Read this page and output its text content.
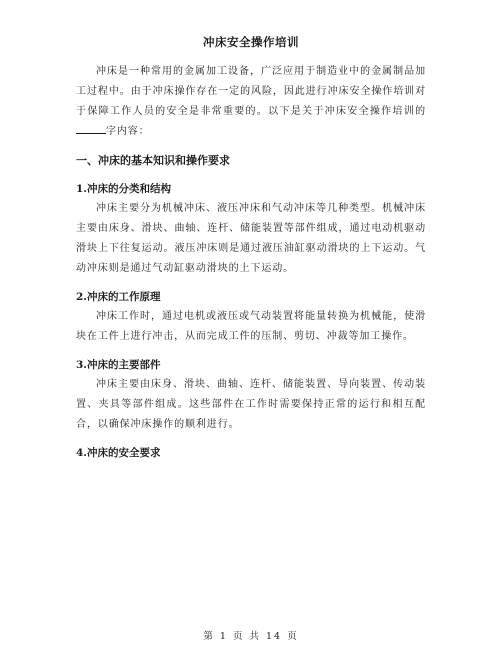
冲床安全操作培训

冲床是一种常用的金属加工设备，广泛应用于制造业中的金属制品加工过程中。由于冲床操作存在一定的风险，因此进行冲床安全操作培训对于保障工作人员的安全是非常重要的。以下是关于冲床安全操作培训的字内容：

一、冲床的基本知识和操作要求
1.冲床的分类和结构

冲床主要分为机械冲床、液压冲床和气动冲床等几种类型。机械冲床主要由床身、滑块、曲轴、连杆、储能装置等部件组成，通过电动机驱动滑块上下往复运动。液压冲床则是通过液压油缸驱动滑块的上下运动。气动冲床则是通过气动缸驱动滑块的上下运动。

2.冲床的工作原理

冲床工作时，通过电机或液压或气动装置将能量转换为机械能，使滑块在工件上进行冲击，从而完成工件的压制、剪切、冲裁等加工操作。

3.冲床的主要部件

冲床主要由床身、滑块、曲轴、连杆、储能装置、导向装置、传动装置、夹具等部件组成。这些部件在工作时需要保持正常的运行和相互配合，以确保冲床操作的顺利进行。

4.冲床的安全要求
第 1 页 共 14 页
